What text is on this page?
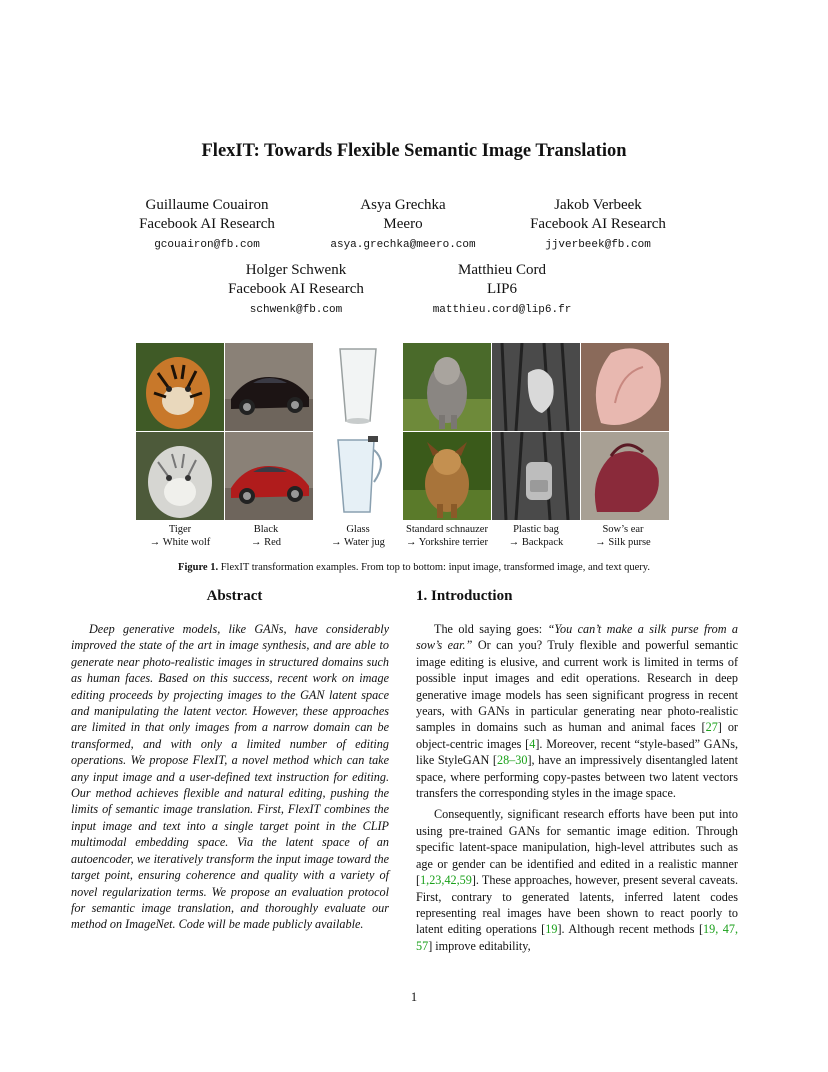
FlexIT: Towards Flexible Semantic Image Translation
Guillaume Couairon
Facebook AI Research
gcouairon@fb.com
Asya Grechka
Meero
asya.grechka@meero.com
Jakob Verbeek
Facebook AI Research
jjverbeek@fb.com
Holger Schwenk
Facebook AI Research
schwenk@fb.com
Matthieu Cord
LIP6
matthieu.cord@lip6.fr
Tiger
→ White wolf
Black
→ Red
Glass
→ Water jug
Standard schnauzer
→ Yorkshire terrier
Plastic bag
→ Backpack
Sow’s ear
→ Silk purse
Figure 1. FlexIT transformation examples. From top to bottom: input image, transformed image, and text query.
Abstract

Deep generative models, like GANs, have considerably improved the state of the art in image synthesis, and are able to generate near photo-realistic images in structured domains such as human faces. Based on this success, recent work on image editing proceeds by projecting images to the GAN latent space and manipulating the latent vector. However, these approaches are limited in that only images from a narrow domain can be transformed, and with only a limited number of editing operations. We propose FlexIT, a novel method which can take any input image and a user-defined text instruction for editing. Our method achieves flexible and natural editing, pushing the limits of semantic image translation. First, FlexIT combines the input image and text into a single target point in the CLIP multimodal embedding space. Via the latent space of an autoencoder, we iteratively transform the input image toward the target point, ensuring coherence and quality with a variety of novel regularization terms. We propose an evaluation protocol for semantic image translation, and thoroughly evaluate our method on ImageNet. Code will be made publicly available.

1. Introduction

The old saying goes: “You can’t make a silk purse from a sow’s ear.” Or can you? Truly flexible and powerful semantic image editing is elusive, and current work is limited in terms of possible input images and edit operations. Research in deep generative image models has seen significant progress in recent years, with GANs in particular generating near photo-realistic samples in domains such as human and animal faces [27] or object-centric images [4]. Moreover, recent “style-based” GANs, like StyleGAN [28–30], have an impressively disentangled latent space, where performing copy-pastes between two latent vectors transfers the corresponding styles in the image space.

Consequently, significant research efforts have been put into using pre-trained GANs for semantic image edition. Through specific latent-space manipulation, high-level attributes such as age or gender can be identified and edited in a realistic manner [1,23,42,59]. These approaches, however, present several caveats. First, contrary to generated latents, inferred latent codes representing real images have been shown to react poorly to latent editing operations [19]. Although recent methods [19, 47, 57] improve editability,

1
